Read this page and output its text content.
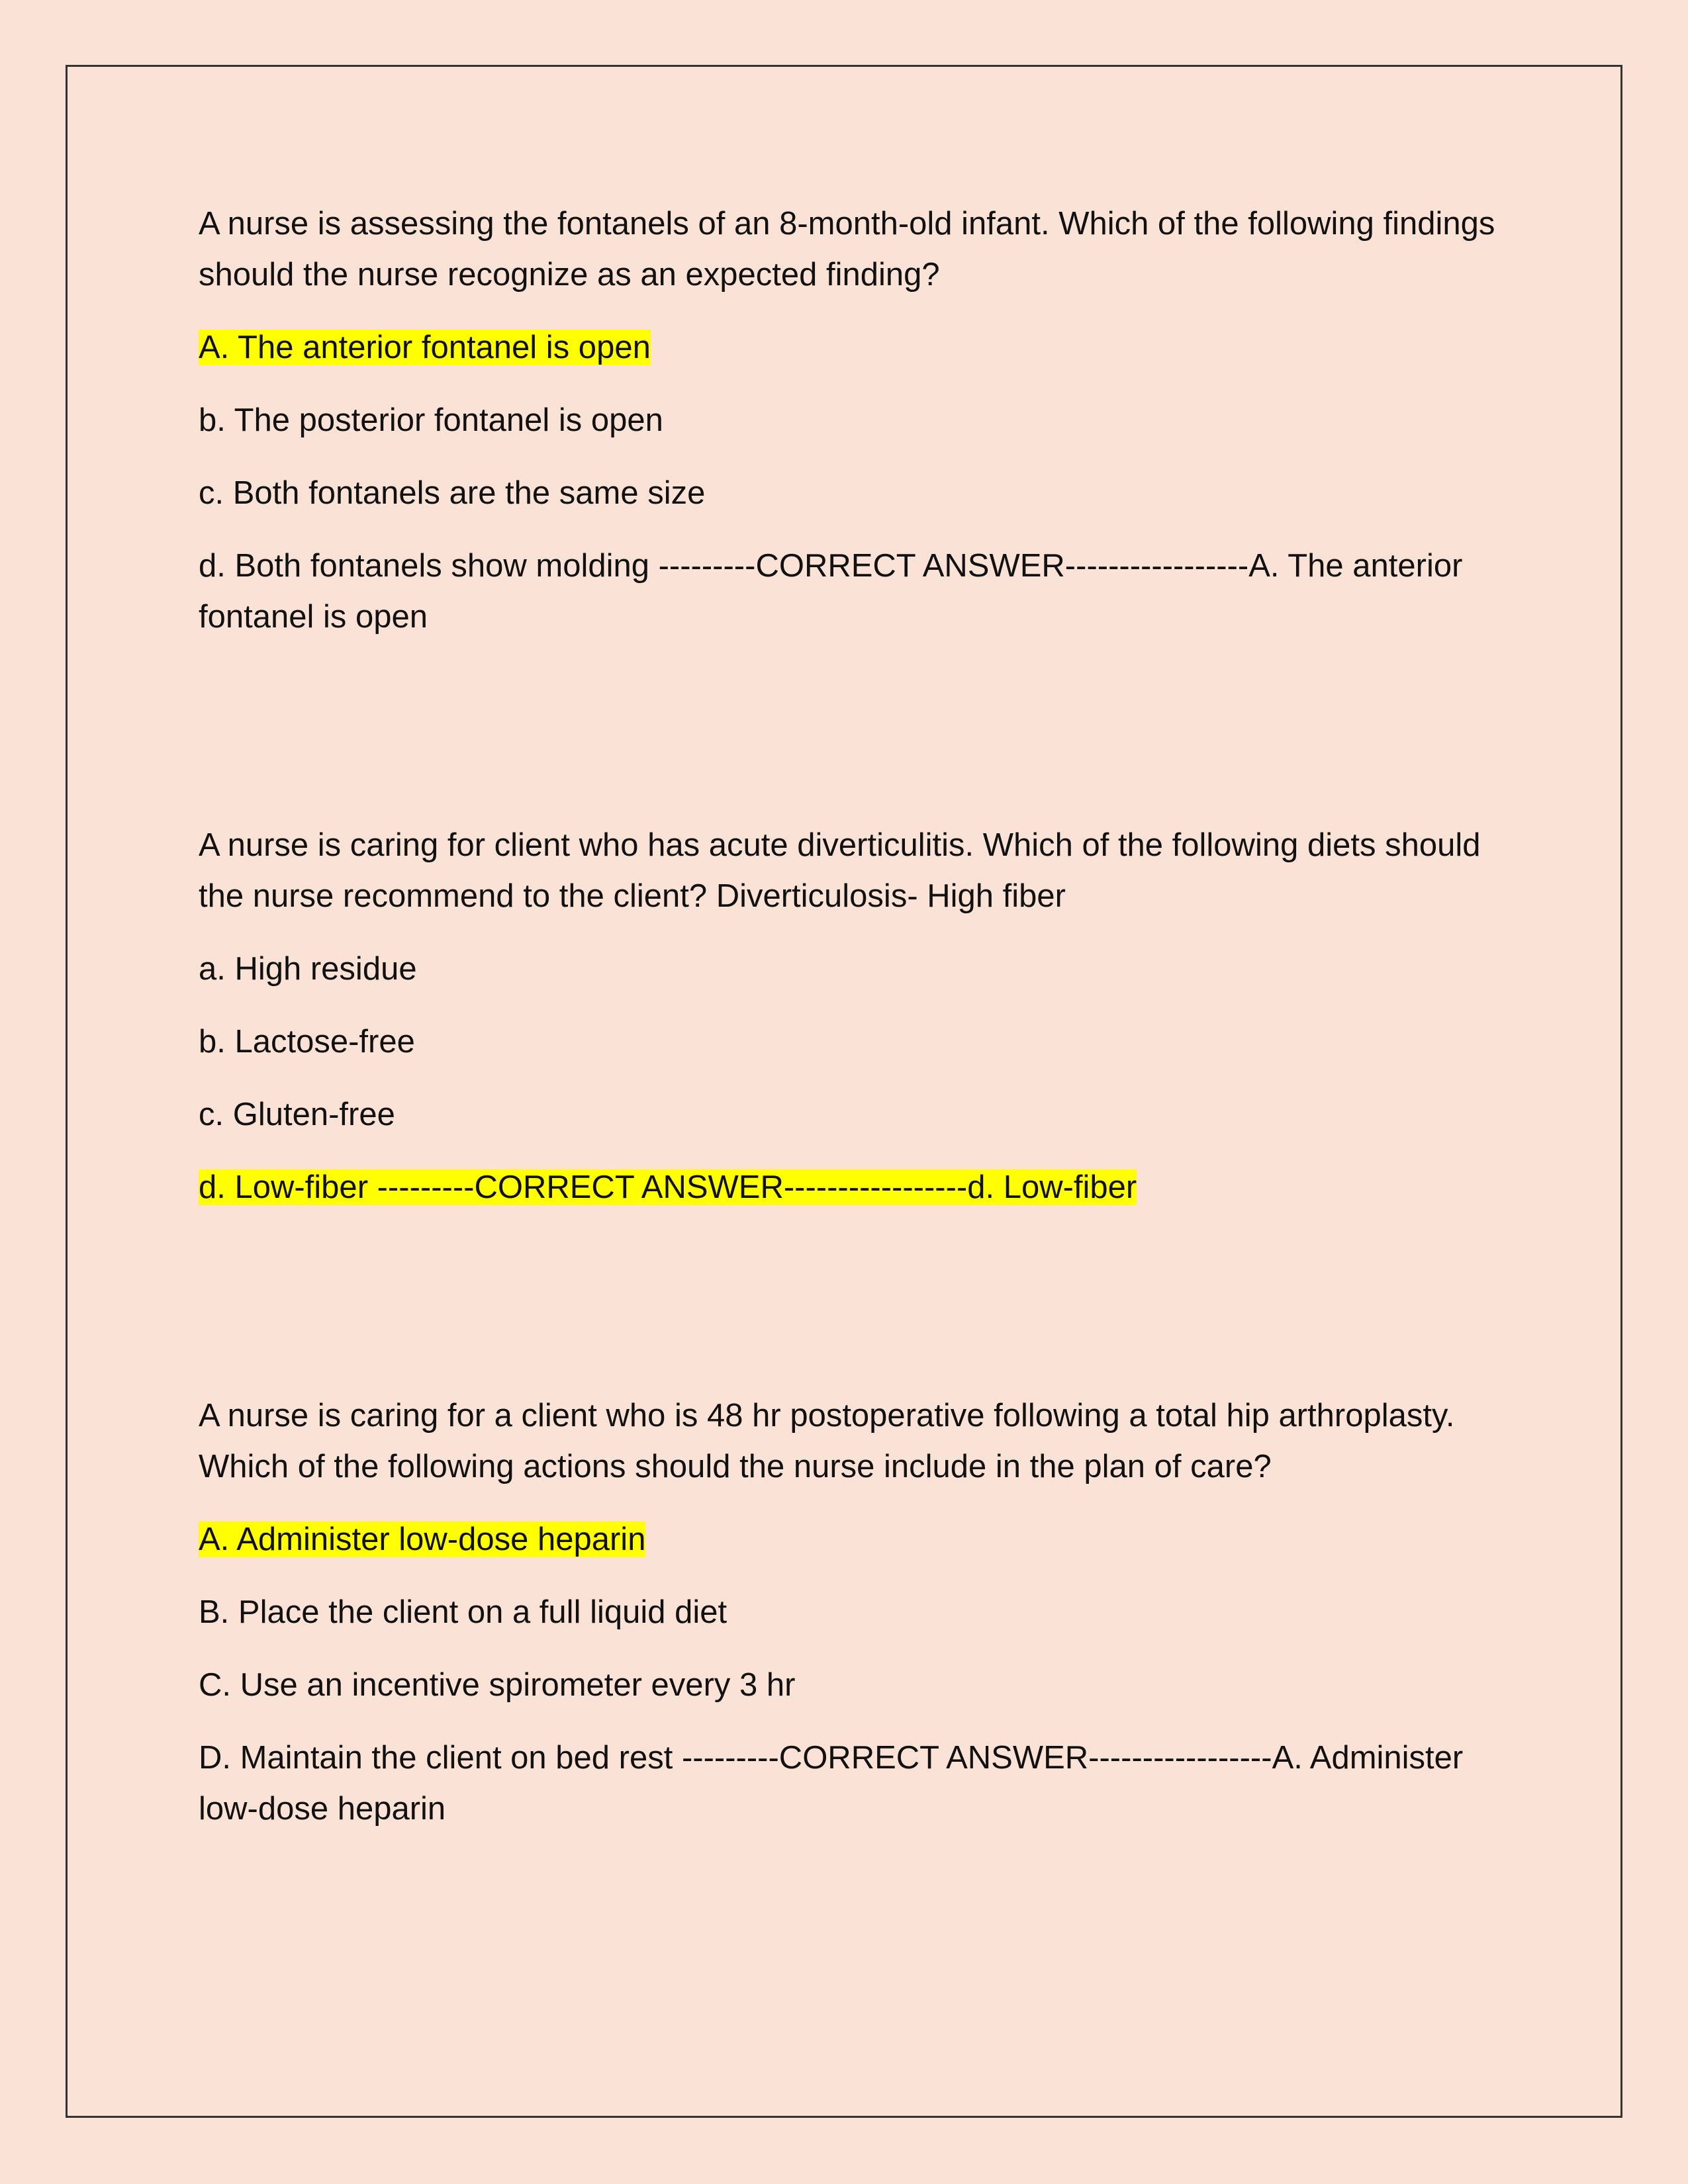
A nurse is assessing the fontanels of an 8-month-old infant. Which of the following findings should the nurse recognize as an expected finding?

A. The anterior fontanel is open

b. The posterior fontanel is open

c. Both fontanels are the same size

d. Both fontanels show molding ---------CORRECT ANSWER-----------------A. The anterior fontanel is open

A nurse is caring for client who has acute diverticulitis. Which of the following diets should the nurse recommend to the client? Diverticulosis- High fiber

a. High residue

b. Lactose-free

c. Gluten-free

d. Low-fiber ---------CORRECT ANSWER-----------------d. Low-fiber

A nurse is caring for a client who is 48 hr postoperative following a total hip arthroplasty. Which of the following actions should the nurse include in the plan of care?

A. Administer low-dose heparin

B. Place the client on a full liquid diet

C. Use an incentive spirometer every 3 hr

D. Maintain the client on bed rest ---------CORRECT ANSWER-----------------A. Administer low-dose heparin
